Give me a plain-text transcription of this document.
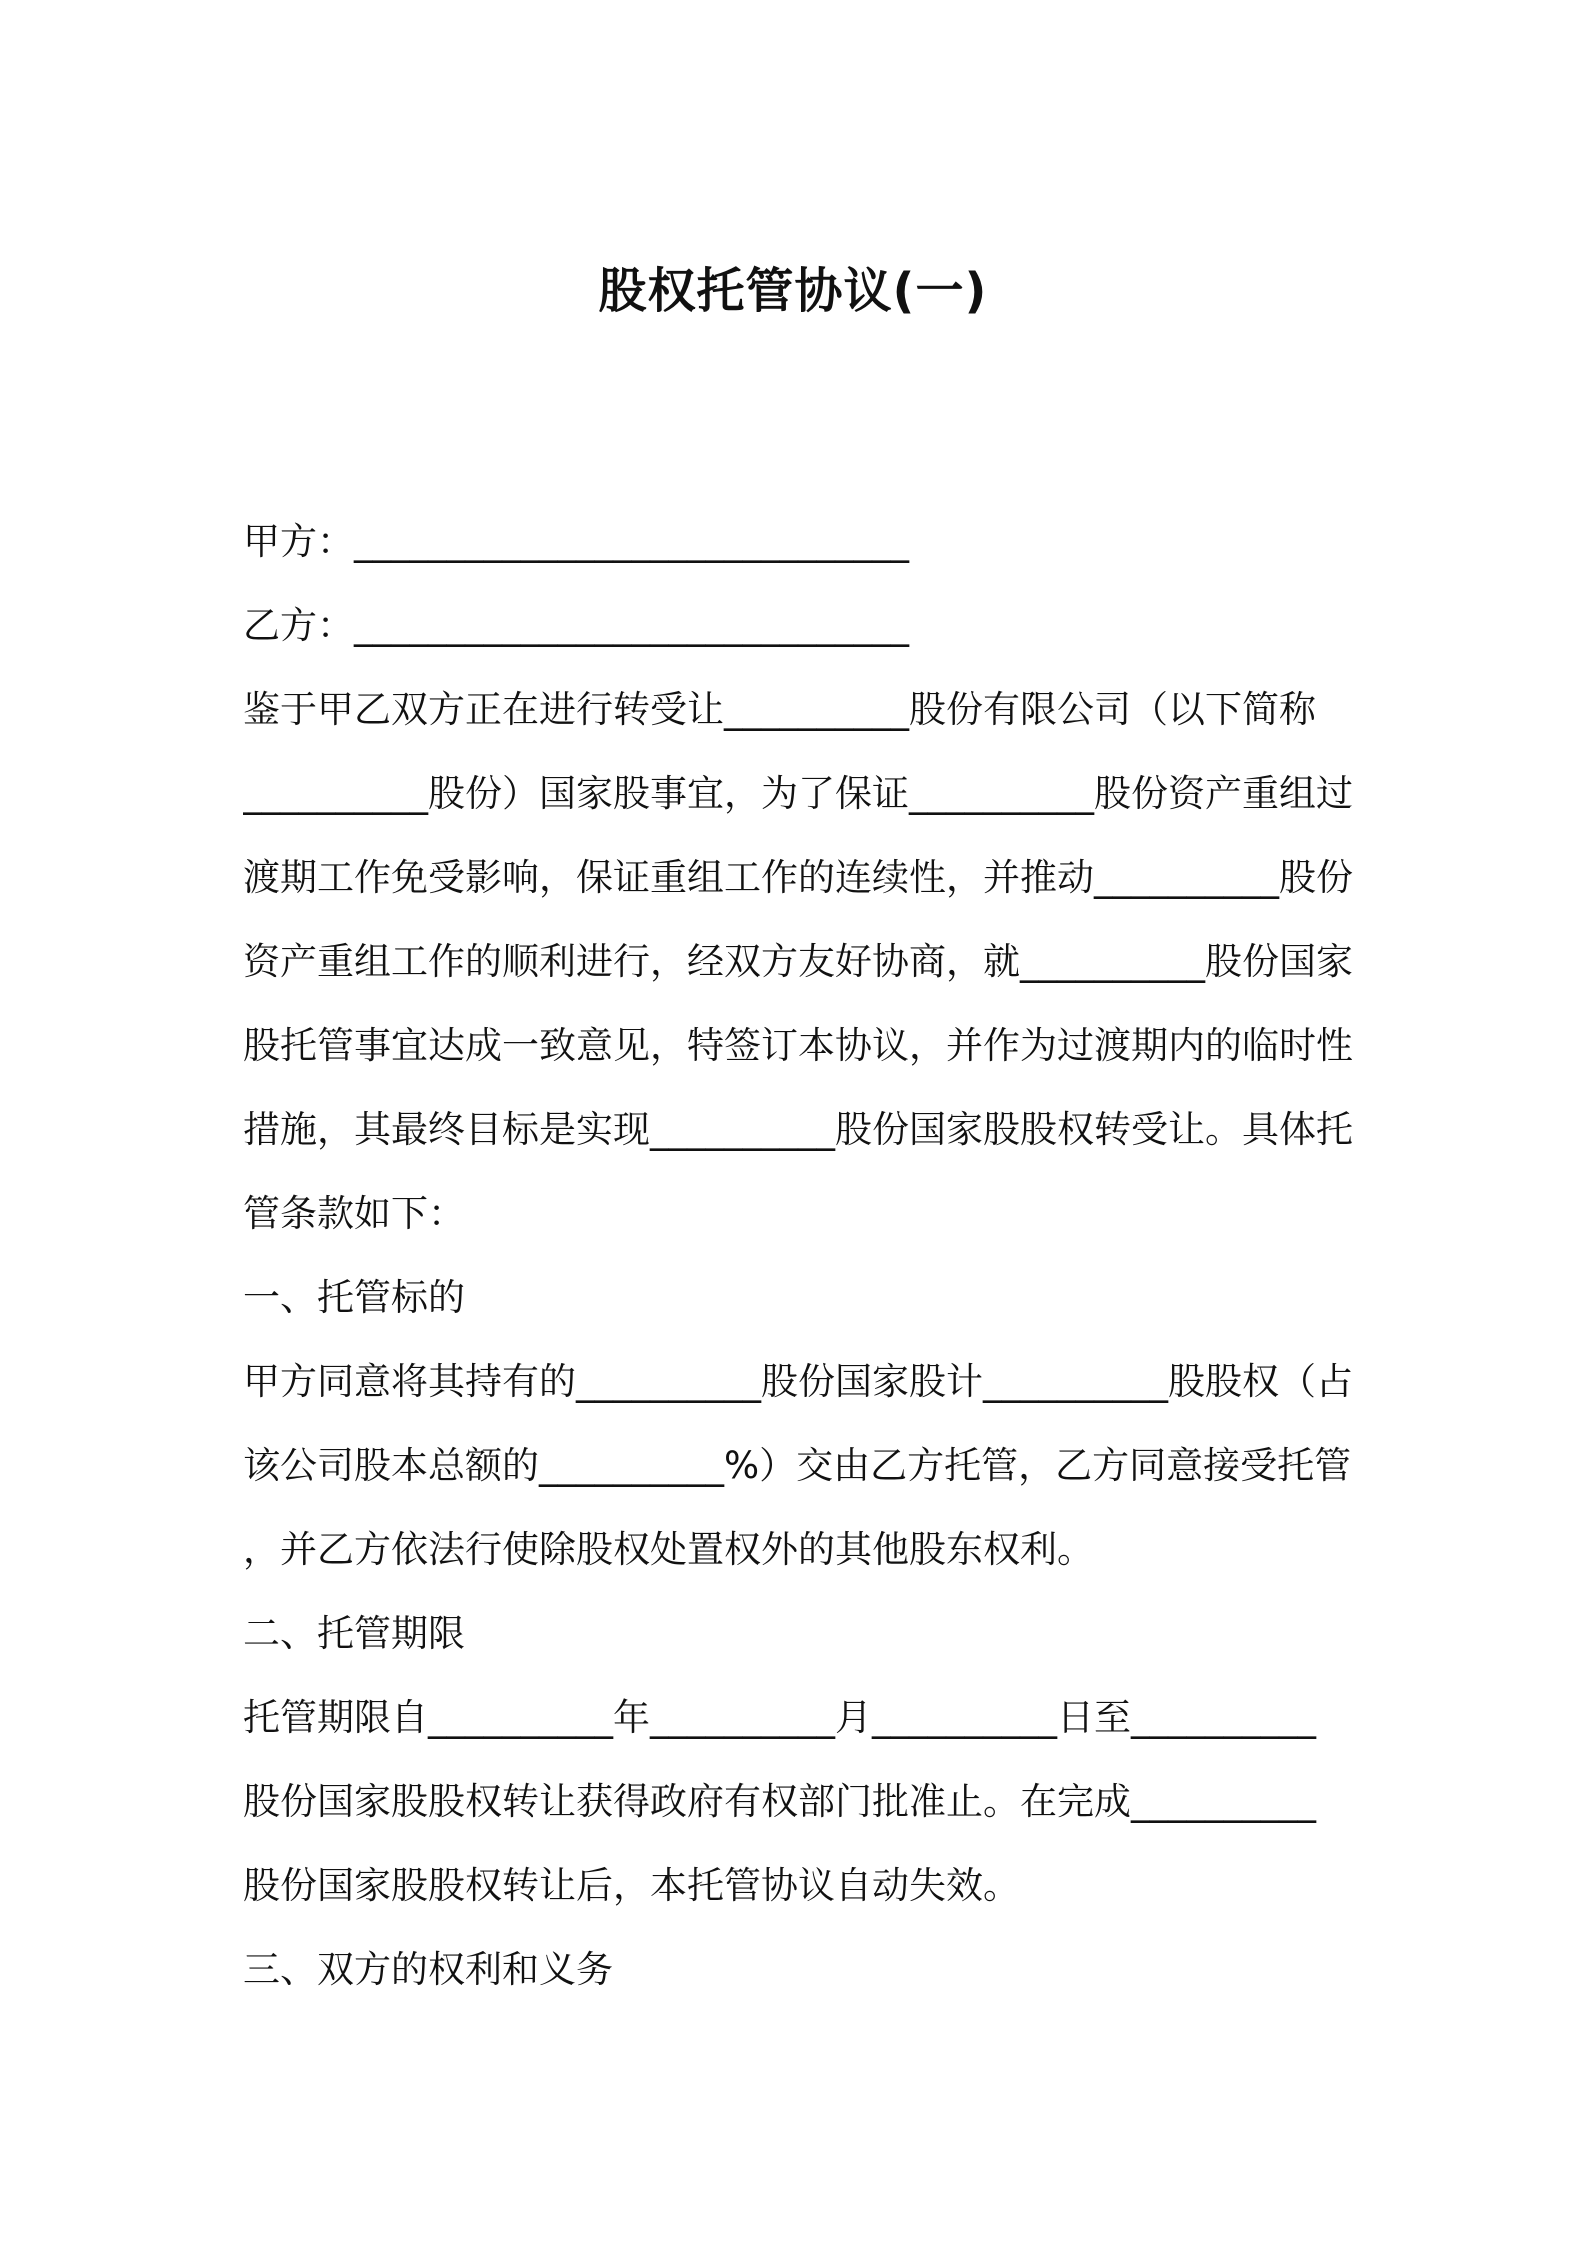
股权托管协议(一)
甲方：______________________________
乙方：______________________________
鉴于甲乙双方正在进行转受让__________股份有限公司（以下简称
__________股份）国家股事宜，为了保证__________股份资产重组过
渡期工作免受影响，保证重组工作的连续性，并推动__________股份
资产重组工作的顺利进行，经双方友好协商，就__________股份国家
股托管事宜达成一致意见，特签订本协议，并作为过渡期内的临时性
措施，其最终目标是实现__________股份国家股股权转受让。具体托
管条款如下：
一、托管标的
甲方同意将其持有的__________股份国家股计__________股股权（占
该公司股本总额的__________%）交由乙方托管，乙方同意接受托管
，并乙方依法行使除股权处置权外的其他股东权利。
二、托管期限
托管期限自__________年__________月__________日至__________
股份国家股股权转让获得政府有权部门批准止。在完成__________
股份国家股股权转让后，本托管协议自动失效。
三、双方的权利和义务
